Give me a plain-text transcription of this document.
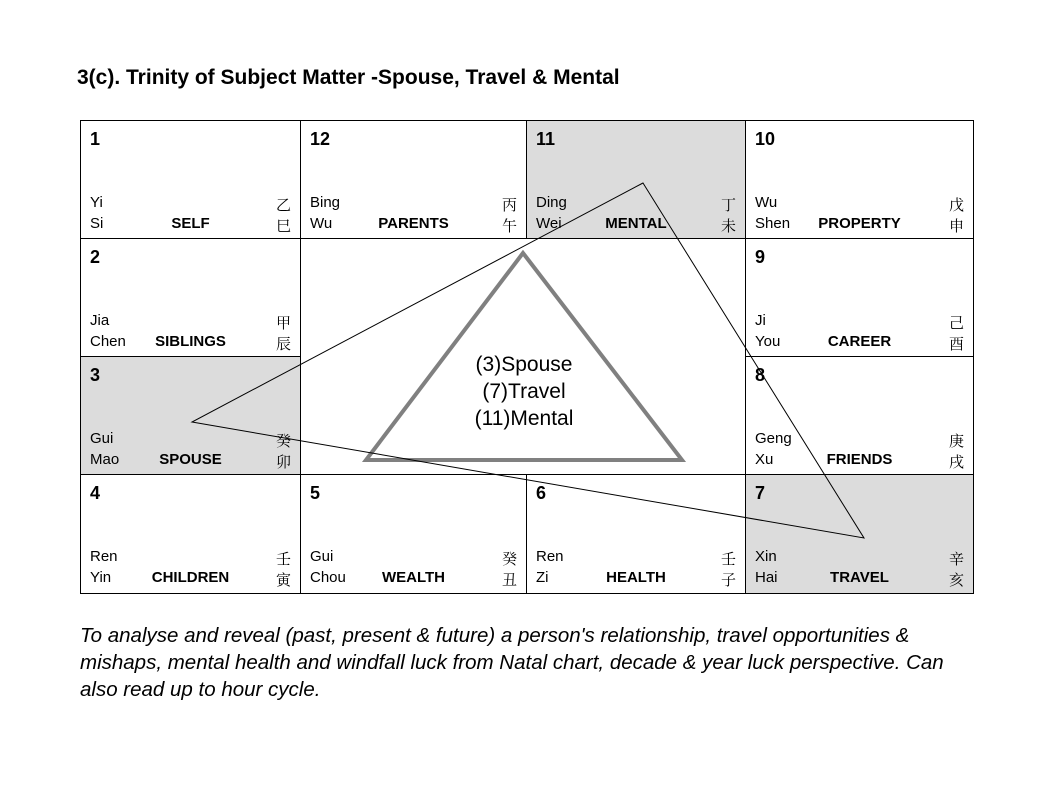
3(c). Trinity of Subject Matter -Spouse, Travel & Mental
1
Yi
Si	SELF
乙
巳
12
Bing
Wu	PARENTS
丙
午
11
Ding
Wei	MENTAL
丁
未
10
Wu
Shen	PROPERTY
戊
申
2
Jia
Chen	SIBLINGS
甲
辰
9
Ji
You	CAREER
己
酉
3
Gui
Mao	SPOUSE
癸
卯
8
Geng
Xu	FRIENDS
庚
戌
4
Ren
Yin	CHILDREN
壬
寅
5
Gui
Chou	WEALTH
癸
丑
6
Ren
Zi	HEALTH
壬
子
7
Xin
Hai	TRAVEL
辛
亥
(3)Spouse
(7)Travel
(11)Mental
To analyse and reveal (past, present & future) a person's relationship, travel opportunities & mishaps, mental health and windfall luck from Natal chart, decade & year luck perspective. Can also read up to hour cycle.
